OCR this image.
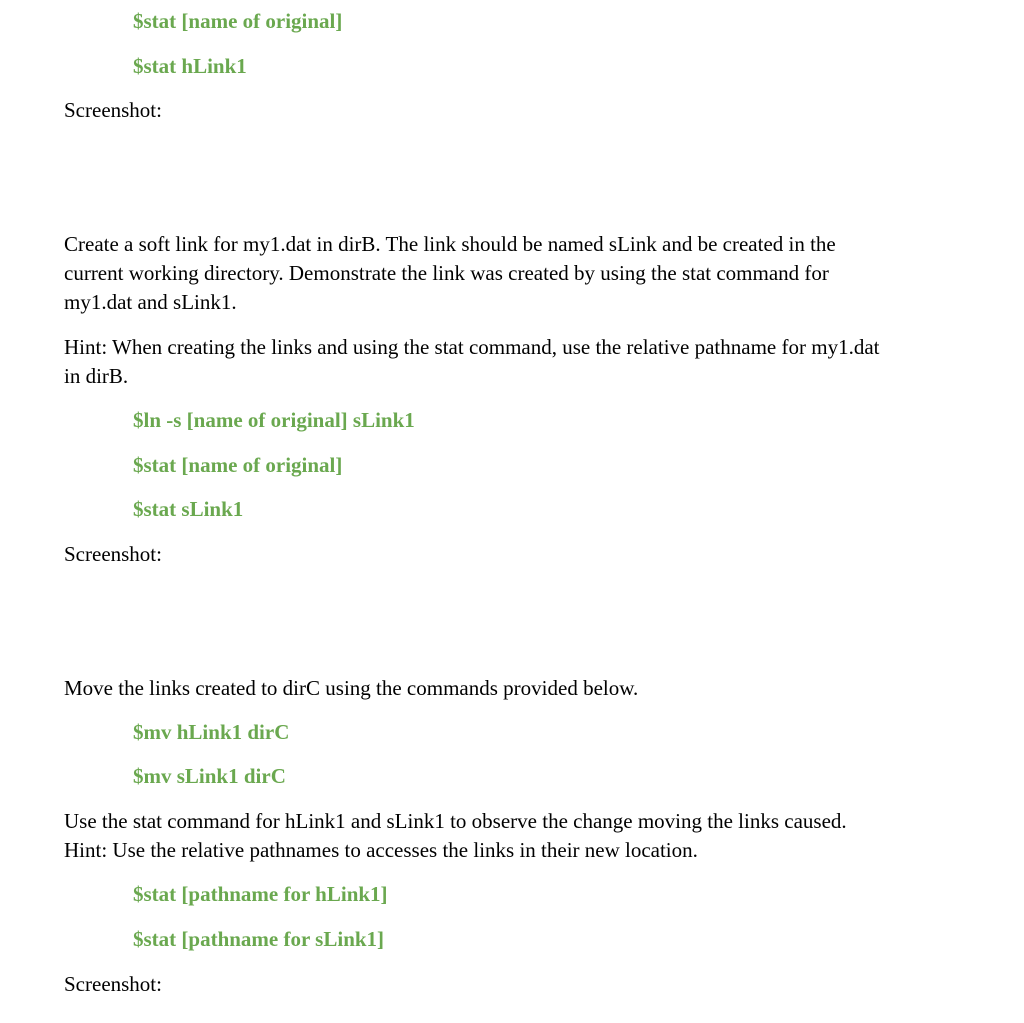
$stat [name of original]
$stat hLink1
Screenshot:
Create a soft link for my1.dat in dirB. The link should be named sLink and be created in the
current working directory. Demonstrate the link was created by using the stat command for
my1.dat and sLink1.
Hint: When creating the links and using the stat command, use the relative pathname for my1.dat
in dirB.
$ln -s [name of original] sLink1
$stat [name of original]
$stat sLink1
Screenshot:
Move the links created to dirC using the commands provided below.
$mv hLink1 dirC
$mv sLink1 dirC
Use the stat command for hLink1 and sLink1 to observe the change moving the links caused.
Hint: Use the relative pathnames to accesses the links in their new location.
$stat [pathname for hLink1]
$stat [pathname for sLink1]
Screenshot:
